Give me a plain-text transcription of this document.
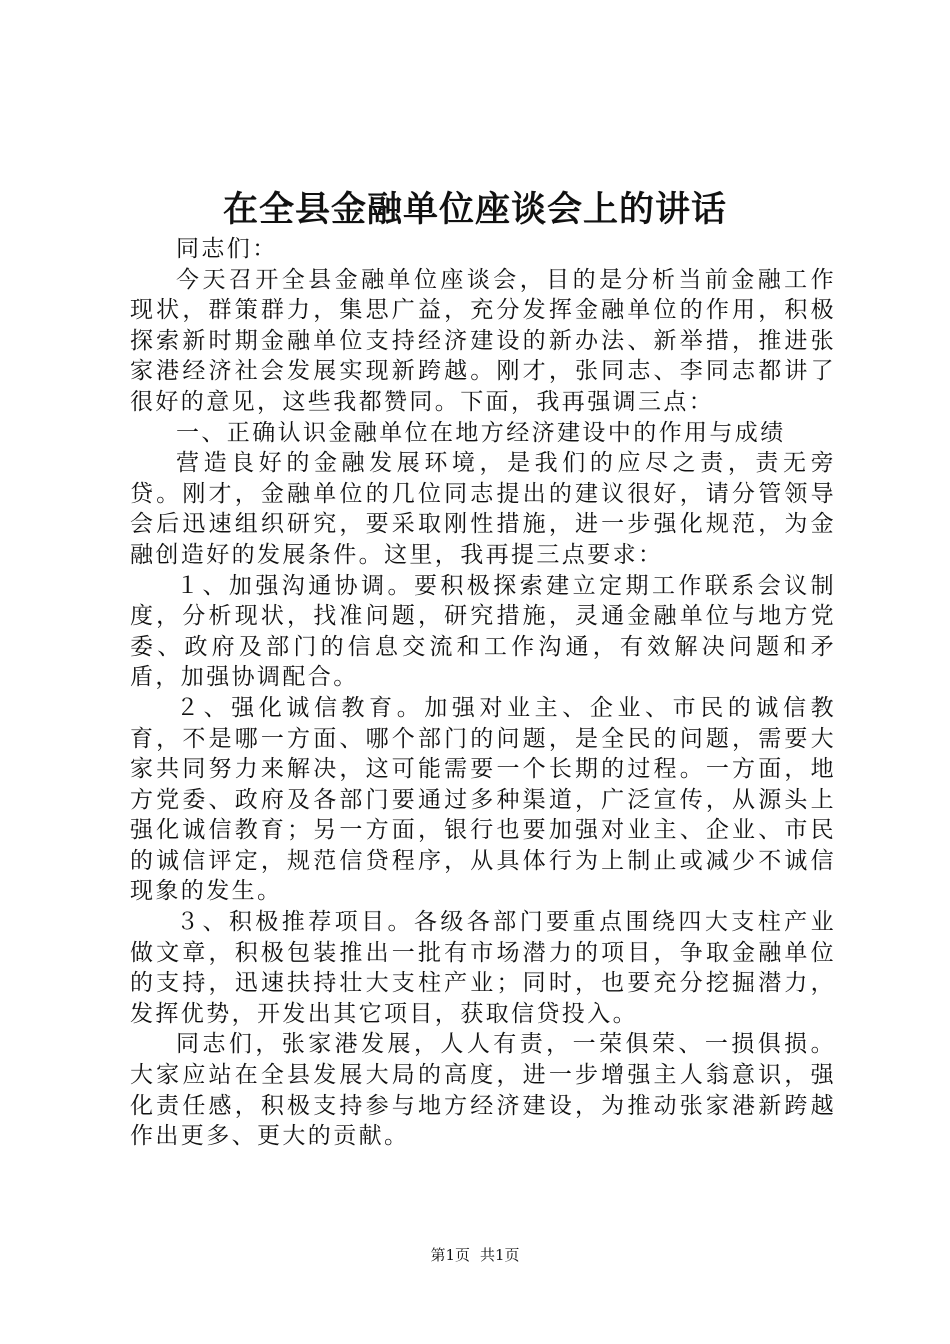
在全县金融单位座谈会上的讲话

同志们：

今天召开全县金融单位座谈会，目的是分析当前金融工作现状，群策群力，集思广益，充分发挥金融单位的作用，积极探索新时期金融单位支持经济建设的新办法、新举措，推进张家港经济社会发展实现新跨越。刚才，张同志、李同志都讲了很好的意见，这些我都赞同。下面，我再强调三点：

一、正确认识金融单位在地方经济建设中的作用与成绩

营造良好的金融发展环境，是我们的应尽之责，责无旁贷。刚才，金融单位的几位同志提出的建议很好，请分管领导会后迅速组织研究，要采取刚性措施，进一步强化规范，为金融创造好的发展条件。这里，我再提三点要求：

１、加强沟通协调。要积极探索建立定期工作联系会议制度，分析现状，找准问题，研究措施，灵通金融单位与地方党委、政府及部门的信息交流和工作沟通，有效解决问题和矛盾，加强协调配合。

２、强化诚信教育。加强对业主、企业、市民的诚信教育，不是哪一方面、哪个部门的问题，是全民的问题，需要大家共同努力来解决，这可能需要一个长期的过程。一方面，地方党委、政府及各部门要通过多种渠道，广泛宣传，从源头上强化诚信教育；另一方面，银行也要加强对业主、企业、市民的诚信评定，规范信贷程序，从具体行为上制止或减少不诚信现象的发生。

３、积极推荐项目。各级各部门要重点围绕四大支柱产业做文章，积极包装推出一批有市场潜力的项目，争取金融单位的支持，迅速扶持壮大支柱产业；同时，也要充分挖掘潜力，发挥优势，开发出其它项目，获取信贷投入。

同志们，张家港发展，人人有责，一荣俱荣、一损俱损。大家应站在全县发展大局的高度，进一步增强主人翁意识，强化责任感，积极支持参与地方经济建设，为推动张家港新跨越作出更多、更大的贡献。

第1页 共1页
